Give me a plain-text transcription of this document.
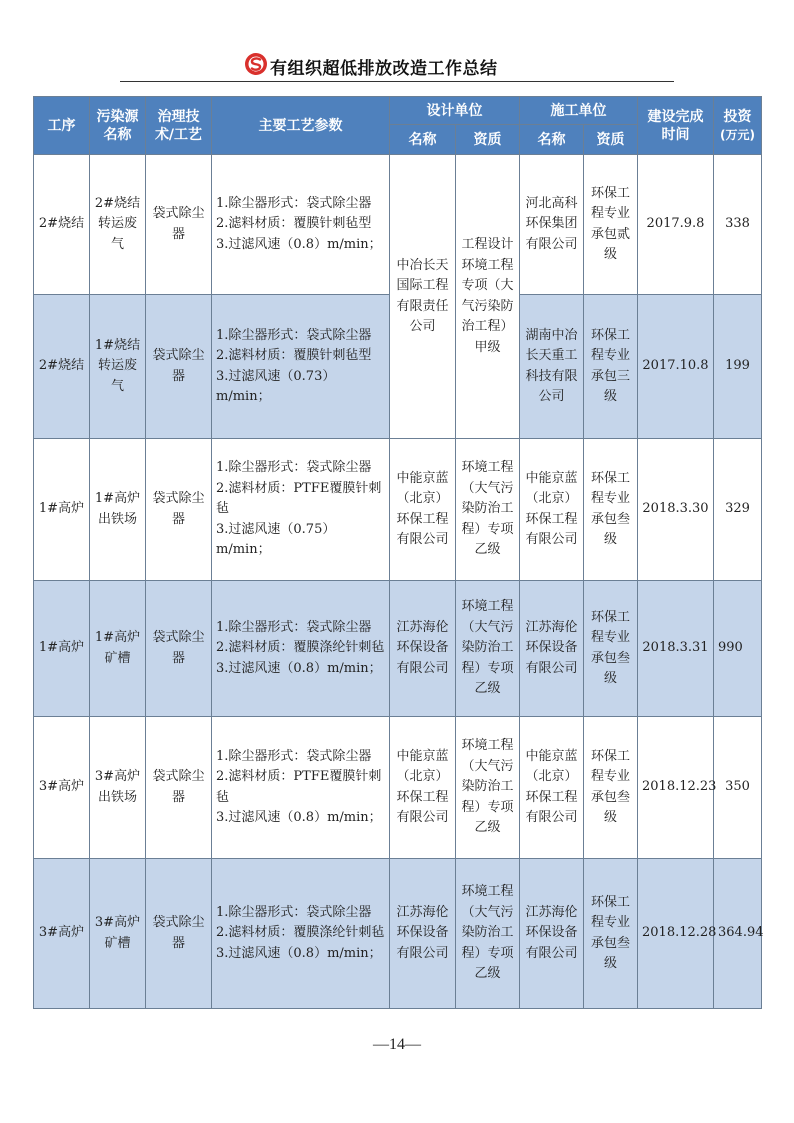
有组织超低排放改造工作总结
工序	污染源名称	治理技术/工艺	主要工艺参数	设计单位		施工单位		建设完成时间	投资
(万元)

				名称	资质	名称	资质		
2#烧结	2#烧结转运废气	袋式除尘器	1.除尘器形式：袋式除尘器
2.滤料材质：覆膜针刺毡型
3.过滤风速（0.8）m/min；	中冶长天国际工程有限责任公司	工程设计环境工程专项（大气污染防治工程）甲级	河北高科环保集团有限公司	环保工程专业承包贰级	2017.9.8	338
2#烧结	1#烧结转运废气	袋式除尘器	1.除尘器形式：袋式除尘器
2.滤料材质：覆膜针刺毡型
3.过滤风速（0.73）m/min；			湖南中冶长天重工科技有限公司	环保工程专业承包三级	2017.10.8	199
1#高炉	1#高炉出铁场	袋式除尘器	1.除尘器形式：袋式除尘器
2.滤料材质：PTFE覆膜针刺毡
3.过滤风速（0.75）m/min；	中能京蓝（北京）环保工程有限公司	环境工程（大气污染防治工程）专项乙级	中能京蓝（北京）环保工程有限公司	环保工程专业承包叁级	2018.3.30	329
1#高炉	1#高炉矿槽	袋式除尘器	1.除尘器形式：袋式除尘器
2.滤料材质：覆膜涤纶针刺毡
3.过滤风速（0.8）m/min；	江苏海伦环保设备有限公司	环境工程（大气污染防治工程）专项乙级	江苏海伦环保设备有限公司	环保工程专业承包叁级	2018.3.31	990
3#高炉	3#高炉出铁场	袋式除尘器	1.除尘器形式：袋式除尘器
2.滤料材质：PTFE覆膜针刺毡
3.过滤风速（0.8）m/min；	中能京蓝（北京）环保工程有限公司	环境工程（大气污染防治工程）专项乙级	中能京蓝（北京）环保工程有限公司	环保工程专业承包叁级	2018.12.23	350
3#高炉	3#高炉矿槽	袋式除尘器	1.除尘器形式：袋式除尘器
2.滤料材质：覆膜涤纶针刺毡
3.过滤风速（0.8）m/min；	江苏海伦环保设备有限公司	环境工程（大气污染防治工程）专项乙级	江苏海伦环保设备有限公司	环保工程专业承包叁级	2018.12.28	364.94
—14—
